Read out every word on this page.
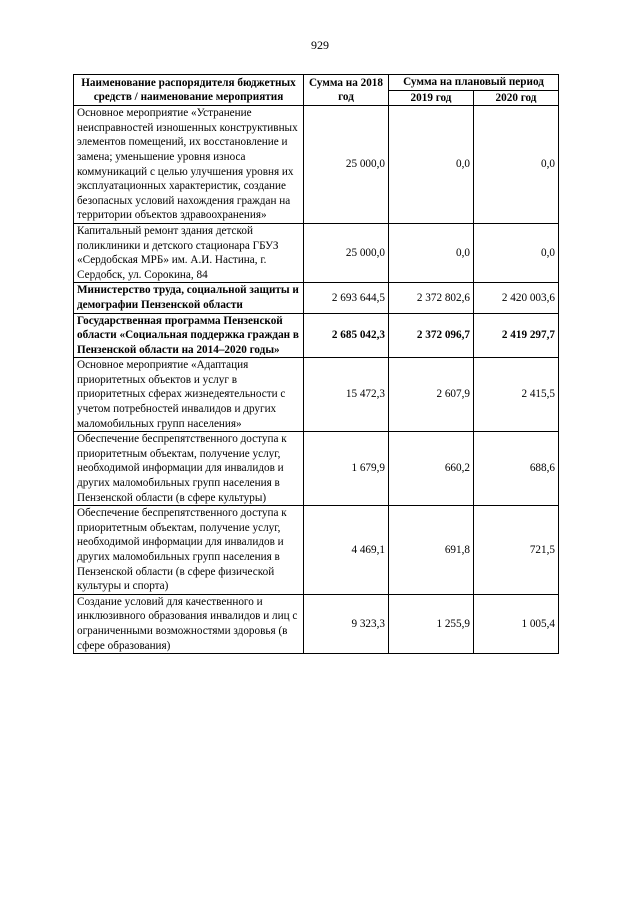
929
Наименование распорядителя бюджетных средств / наименование мероприятия	Сумма на 2018 год	Сумма на плановый период	
		2019 год	2020 год
Основное мероприятие «Устранение неисправностей изношенных конструктивных элементов помещений, их восстановление и замена; уменьшение уровня износа коммуникаций с целью улучшения уровня их эксплуатационных характеристик, создание безопасных условий нахождения граждан на территории объектов здравоохранения»	25 000,0	0,0	0,0
Капитальный ремонт здания детской поликлиники и детского стационара ГБУЗ «Сердобская МРБ» им. А.И. Настина, г. Сердобск, ул. Сорокина, 84	25 000,0	0,0	0,0
Министерство труда, социальной защиты и демографии Пензенской области	2 693 644,5	2 372 802,6	2 420 003,6
Государственная программа Пензенской области «Социальная поддержка граждан в Пензенской области на 2014–2020 годы»	2 685 042,3	2 372 096,7	2 419 297,7
Основное мероприятие «Адаптация приоритетных объектов и услуг в приоритетных сферах жизнедеятельности с учетом потребностей инвалидов и других маломобильных групп населения»	15 472,3	2 607,9	2 415,5
Обеспечение беспрепятственного доступа к приоритетным объектам, получение услуг, необходимой информации для инвалидов и других маломобильных групп населения в Пензенской области (в сфере культуры)	1 679,9	660,2	688,6
Обеспечение беспрепятственного доступа к приоритетным объектам, получение услуг, необходимой информации для инвалидов и других маломобильных групп населения в Пензенской области (в сфере физической культуры и спорта)	4 469,1	691,8	721,5
Создание условий для качественного и инклюзивного образования инвалидов и лиц с ограниченными возможностями здоровья (в сфере образования)	9 323,3	1 255,9	1 005,4
